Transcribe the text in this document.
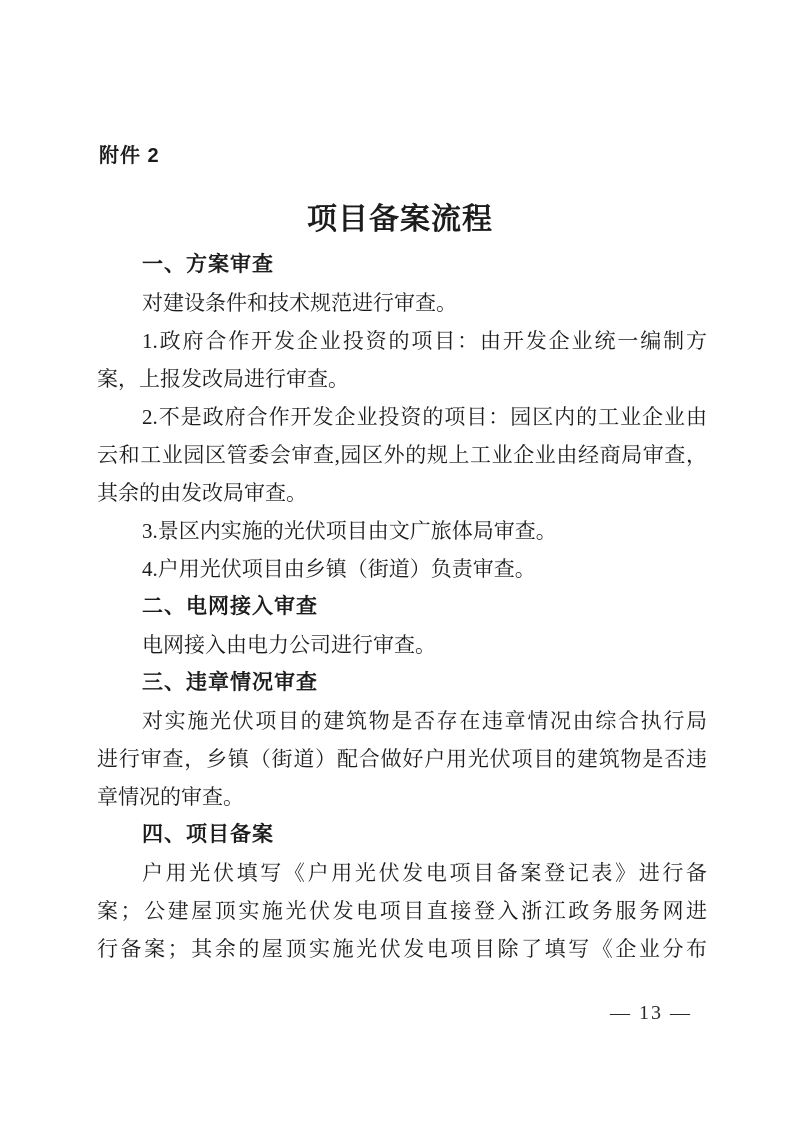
附件 2
项目备案流程
一、方案审查
对建设条件和技术规范进行审查。
1.政府合作开发企业投资的项目：由开发企业统一编制方
案，上报发改局进行审查。
2.不是政府合作开发企业投资的项目：园区内的工业企业由
云和工业园区管委会审查,园区外的规上工业企业由经商局审查，
其余的由发改局审查。
3.景区内实施的光伏项目由文广旅体局审查。
4.户用光伏项目由乡镇（街道）负责审查。
二、电网接入审查
电网接入由电力公司进行审查。
三、违章情况审查
对实施光伏项目的建筑物是否存在违章情况由综合执行局
进行审查，乡镇（街道）配合做好户用光伏项目的建筑物是否违
章情况的审查。
四、项目备案
户用光伏填写《户用光伏发电项目备案登记表》进行备
案；公建屋顶实施光伏发电项目直接登入浙江政务服务网进
行备案；其余的屋顶实施光伏发电项目除了填写《企业分布
— 13 —
